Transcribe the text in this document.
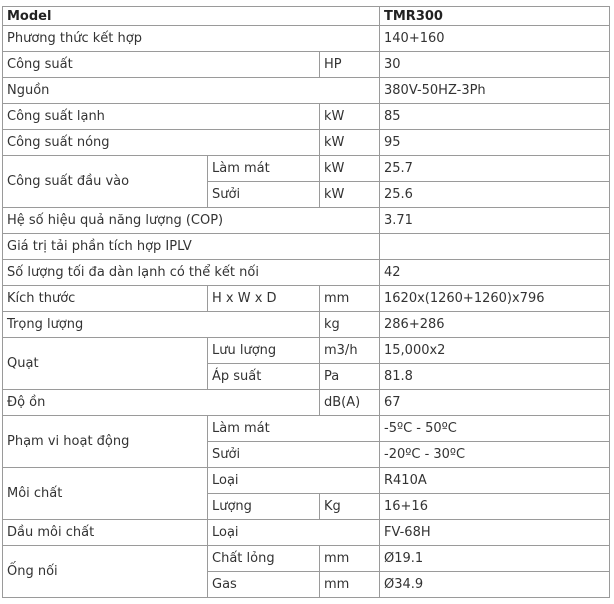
Model			TMR300
Phương thức kết hợp			140+160
Công suất		HP	30
Nguồn			380V-50HZ-3Ph
Công suất lạnh		kW	85
Công suất nóng		kW	95
Công suất đầu vào	Làm mát	kW	25.7
	Sưởi	kW	25.6
Hệ số hiệu quả năng lượng (COP)			3.71
Giá trị tải phần tích hợp IPLV			
Số lượng tối đa dàn lạnh có thể kết nối			42
Kích thước	H x W x D	mm	1620x(1260+1260)x796
Trọng lượng		kg	286+286
Quạt	Lưu lượng	m3/h	15,000x2
	Áp suất	Pa	81.8
Độ ồn		dB(A)	67
Phạm vi hoạt động	Làm mát		-5ºC - 50ºC
	Sưởi		-20ºC - 30ºC
Môi chất	Loại		R410A
	Lượng	Kg	16+16
Dầu môi chất	Loại		FV-68H
Ống nối	Chất lỏng	mm	Ø19.1
	Gas	mm	Ø34.9
